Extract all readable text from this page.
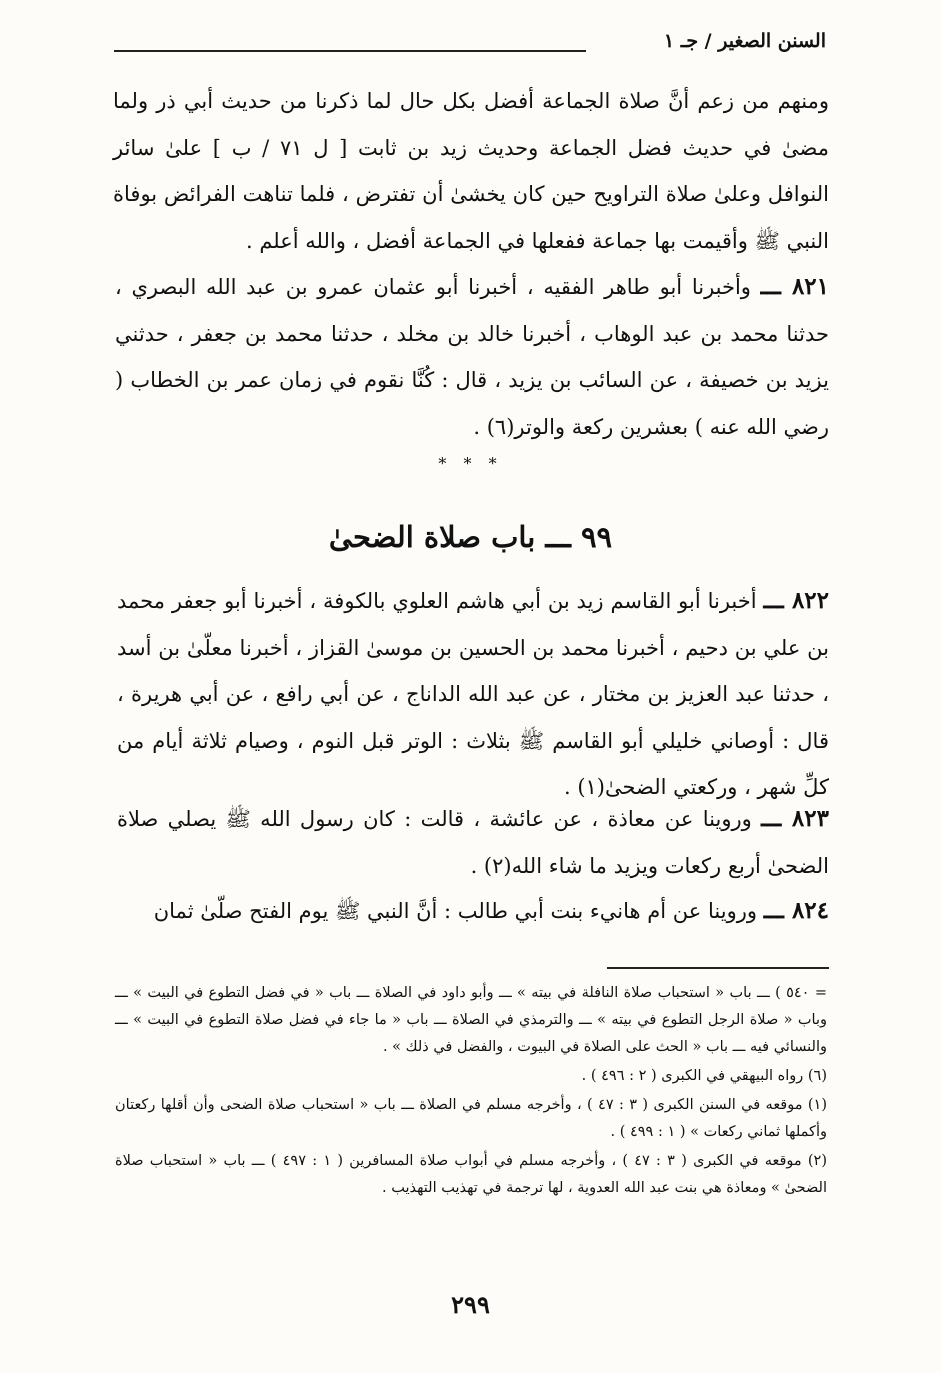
السنن الصغير / جـ ١

ومنهم من زعم أنَّ صلاة الجماعة أفضل بكل حال لما ذكرنا من حديث أبي ذر ولما مضىٰ في حديث فضل الجماعة وحديث زيد بن ثابت [ ل ٧١ / ب ] علىٰ سائر النوافل وعلىٰ صلاة التراويح حين كان يخشىٰ أن تفترض ، فلما تناهت الفرائض بوفاة النبي ﷺ وأقيمت بها جماعة ففعلها في الجماعة أفضل ، والله أعلم .

٨٢١ ـــ وأخبرنا أبو طاهر الفقيه ، أخبرنا أبو عثمان عمرو بن عبد الله البصري ، حدثنا محمد بن عبد الوهاب ، أخبرنا خالد بن مخلد ، حدثنا محمد بن جعفر ، حدثني يزيد بن خصيفة ، عن السائب بن يزيد ، قال : كُنَّا نقوم في زمان عمر بن الخطاب ( رضي الله عنه ) بعشرين ركعة والوتر(٦) .

* * *
٩٩ ـــ باب صلاة الضحىٰ

٨٢٢ ـــ أخبرنا أبو القاسم زيد بن أبي هاشم العلوي بالكوفة ، أخبرنا أبو جعفر محمد بن علي بن دحيم ، أخبرنا محمد بن الحسين بن موسىٰ القزاز ، أخبرنا معلّىٰ بن أسد ، حدثنا عبد العزيز بن مختار ، عن عبد الله الداناج ، عن أبي رافع ، عن أبي هريرة ، قال : أوصاني خليلي أبو القاسم ﷺ بثلاث : الوتر قبل النوم ، وصيام ثلاثة أيام من كلِّ شهر ، وركعتي الضحىٰ(١) .

٨٢٣ ـــ وروينا عن معاذة ، عن عائشة ، قالت : كان رسول الله ﷺ يصلي صلاة الضحىٰ أربع ركعات ويزيد ما شاء الله(٢) .

٨٢٤ ـــ وروينا عن أم هانيء بنت أبي طالب : أنَّ النبي ﷺ يوم الفتح صلّىٰ ثمان

= ٥٤٠ ) ـــ باب « استحباب صلاة النافلة في بيته » ـــ وأبو داود في الصلاة ـــ باب « في فضل التطوع في البيت » ـــ وباب « صلاة الرجل التطوع في بيته » ـــ والترمذي في الصلاة ـــ باب « ما جاء في فضل صلاة التطوع في البيت » ـــ والنسائي فيه ـــ باب « الحث على الصلاة في البيوت ، والفضل في ذلك » .

(٦) رواه البيهقي في الكبرى ( ٢ : ٤٩٦ ) .

(١) موقعه في السنن الكبرى ( ٣ : ٤٧ ) ، وأخرجه مسلم في الصلاة ـــ باب « استحباب صلاة الضحى وأن أقلها ركعتان وأكملها ثماني ركعات » ( ١ : ٤٩٩ ) .

(٢) موقعه في الكبرى ( ٣ : ٤٧ ) ، وأخرجه مسلم في أبواب صلاة المسافرين ( ١ : ٤٩٧ ) ـــ باب « استحباب صلاة الضحىٰ » ومعاذة هي بنت عبد الله العدوية ، لها ترجمة في تهذيب التهذيب .

٢٩٩
